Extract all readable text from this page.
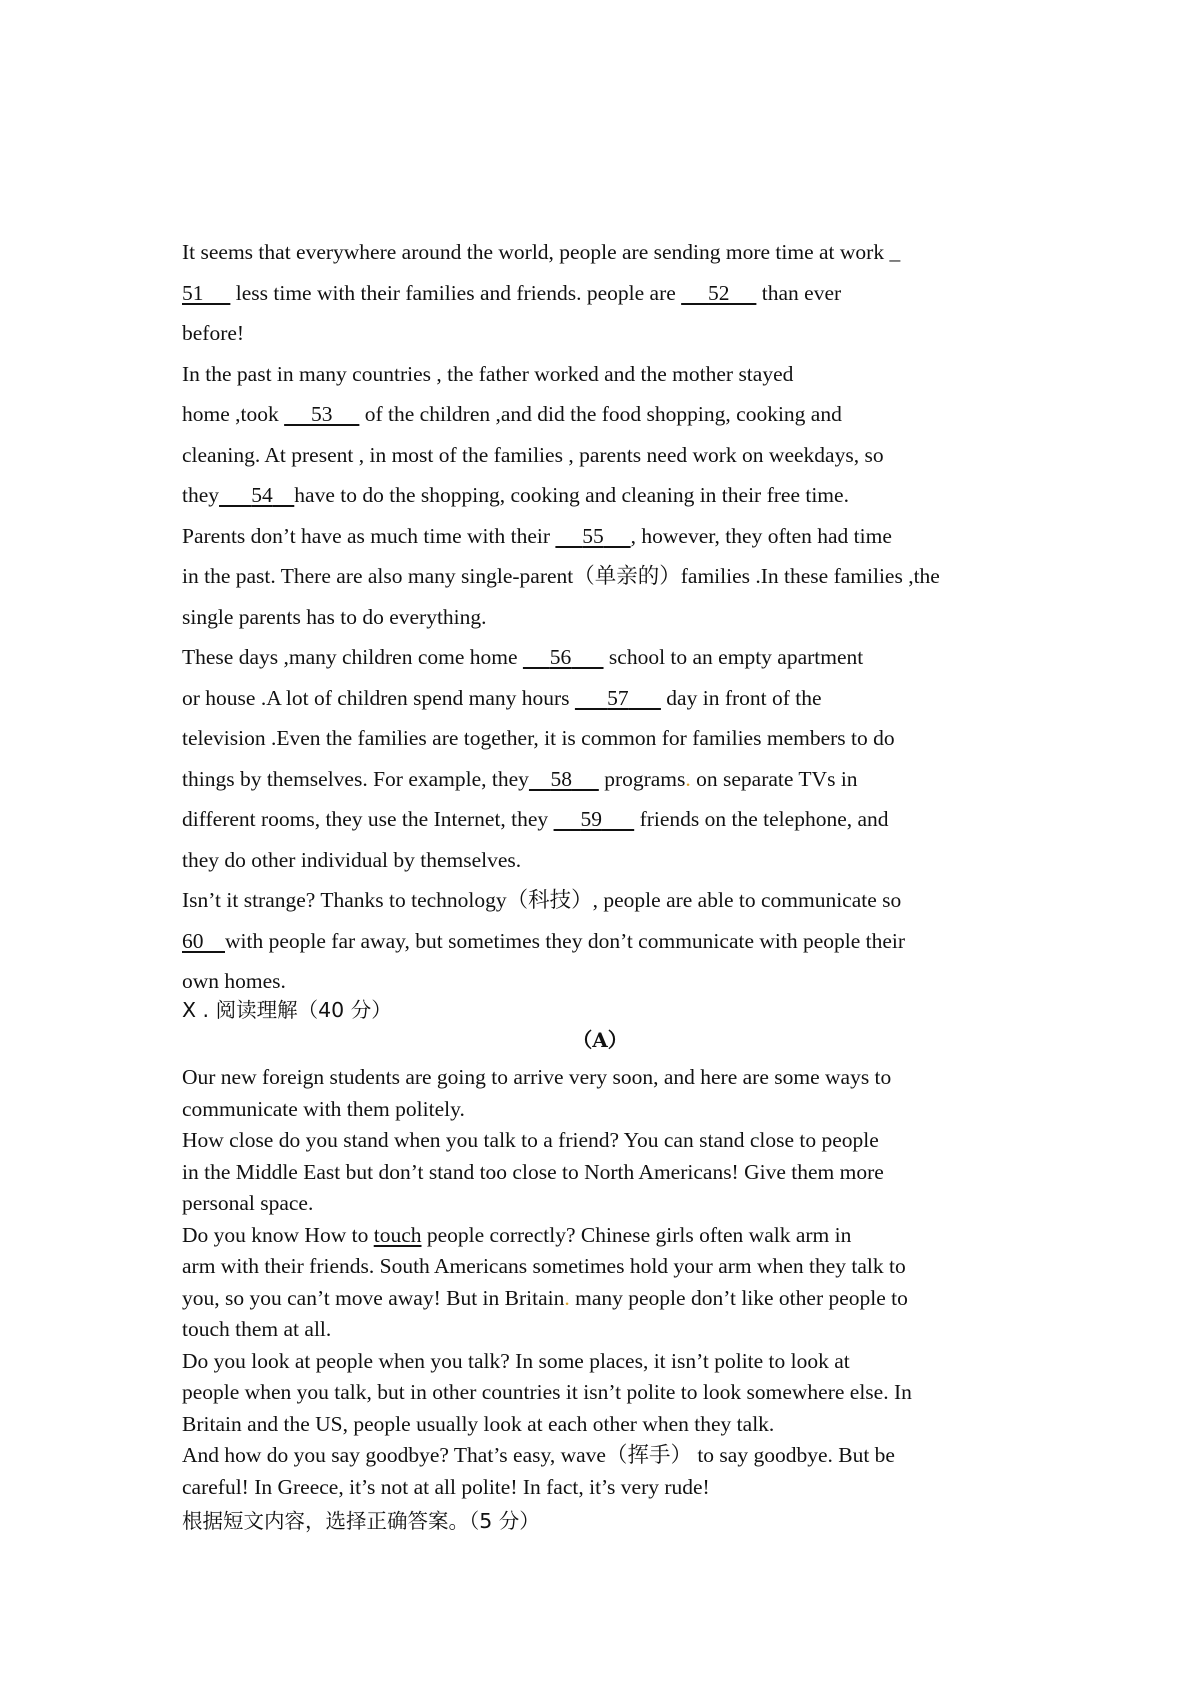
It seems that everywhere around the world, people are sending more time at work _
51      less time with their families and friends. people are      52      than ever
before!
In the past in many countries , the father worked and the mother stayed
home ,took      53      of the children ,and did the food shopping, cooking and
cleaning. At present , in most of the families , parents need work on weekdays, so
they 54 have to do the shopping, cooking and cleaning in their free time.
Parents don’t have as much time with their      55 , however, they often had time
in the past. There are also many single-parent（单亲的）families .In these families ,the
single parents has to do everything.
These days ,many children come home      56       school to an empty apartment
or house .A lot of children spend many hours       57       day in front of the
television .Even the families are together, it is common for families members to do
things by themselves. For example, they 58      programs. on separate TVs in
different rooms, they use the Internet, they      59       friends on the telephone, and
they do other individual by themselves.
Isn’t it strange? Thanks to technology（科技）, people are able to communicate so
60 with people far away, but sometimes they don’t communicate with people their
own homes.
X . 阅读理解（40 分）
（A）
Our new foreign students are going to arrive very soon, and here are some ways to
communicate with them politely.
How close do you stand when you talk to a friend? You can stand close to people
in the Middle East but don’t stand too close to North Americans! Give them more
personal space.
Do you know How to touch people correctly? Chinese girls often walk arm in
arm with their friends. South Americans sometimes hold your arm when they talk to
you, so you can’t move away! But in Britain. many people don’t like other people to
touch them at all.
Do you look at people when you talk? In some places, it isn’t polite to look at
people when you talk, but in other countries it isn’t polite to look somewhere else. In
Britain and the US, people usually look at each other when they talk.
And how do you say goodbye? That’s easy, wave（挥手） to say goodbye. But be
careful! In Greece, it’s not at all polite! In fact, it’s very rude!
根据短文内容，选择正确答案。（5 分）
